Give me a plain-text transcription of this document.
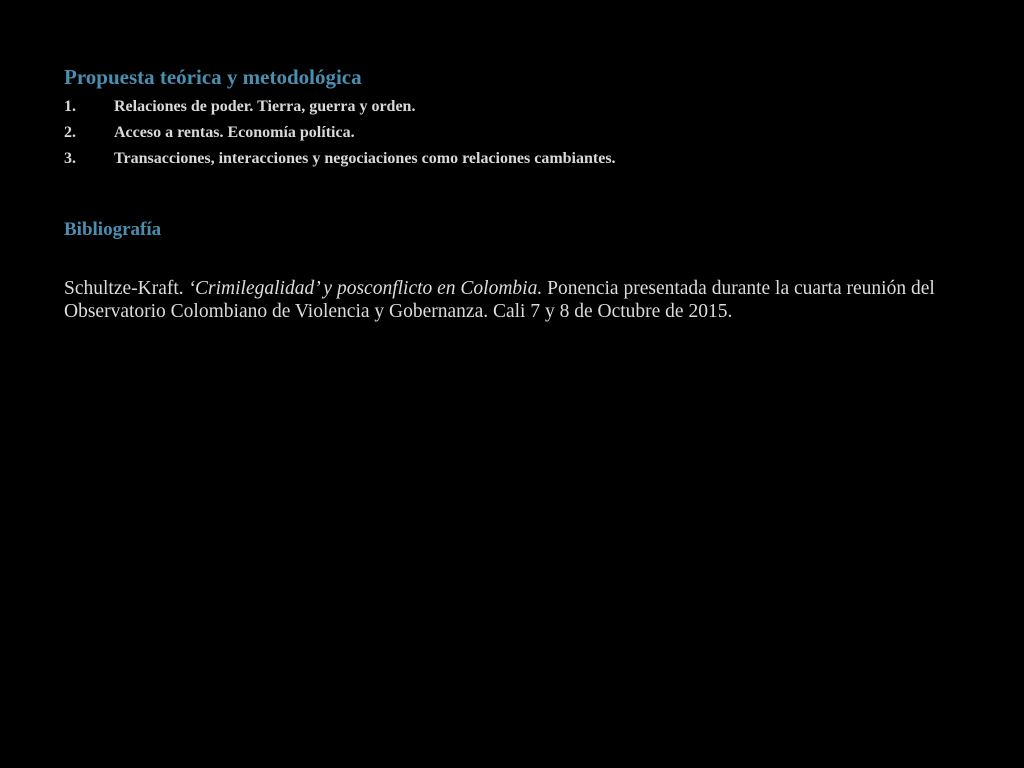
Propuesta teórica y metodológica
1.	Relaciones de poder. Tierra, guerra y orden.
2.	Acceso a rentas. Economía política.
3.	Transacciones, interacciones y negociaciones como relaciones cambiantes.
Bibliografía

Schultze-Kraft. ‘Crimilegalidad’ y posconflicto en Colombia. Ponencia presentada durante la cuarta reunión del Observatorio Colombiano de Violencia y Gobernanza. Cali 7 y 8 de Octubre de 2015.
